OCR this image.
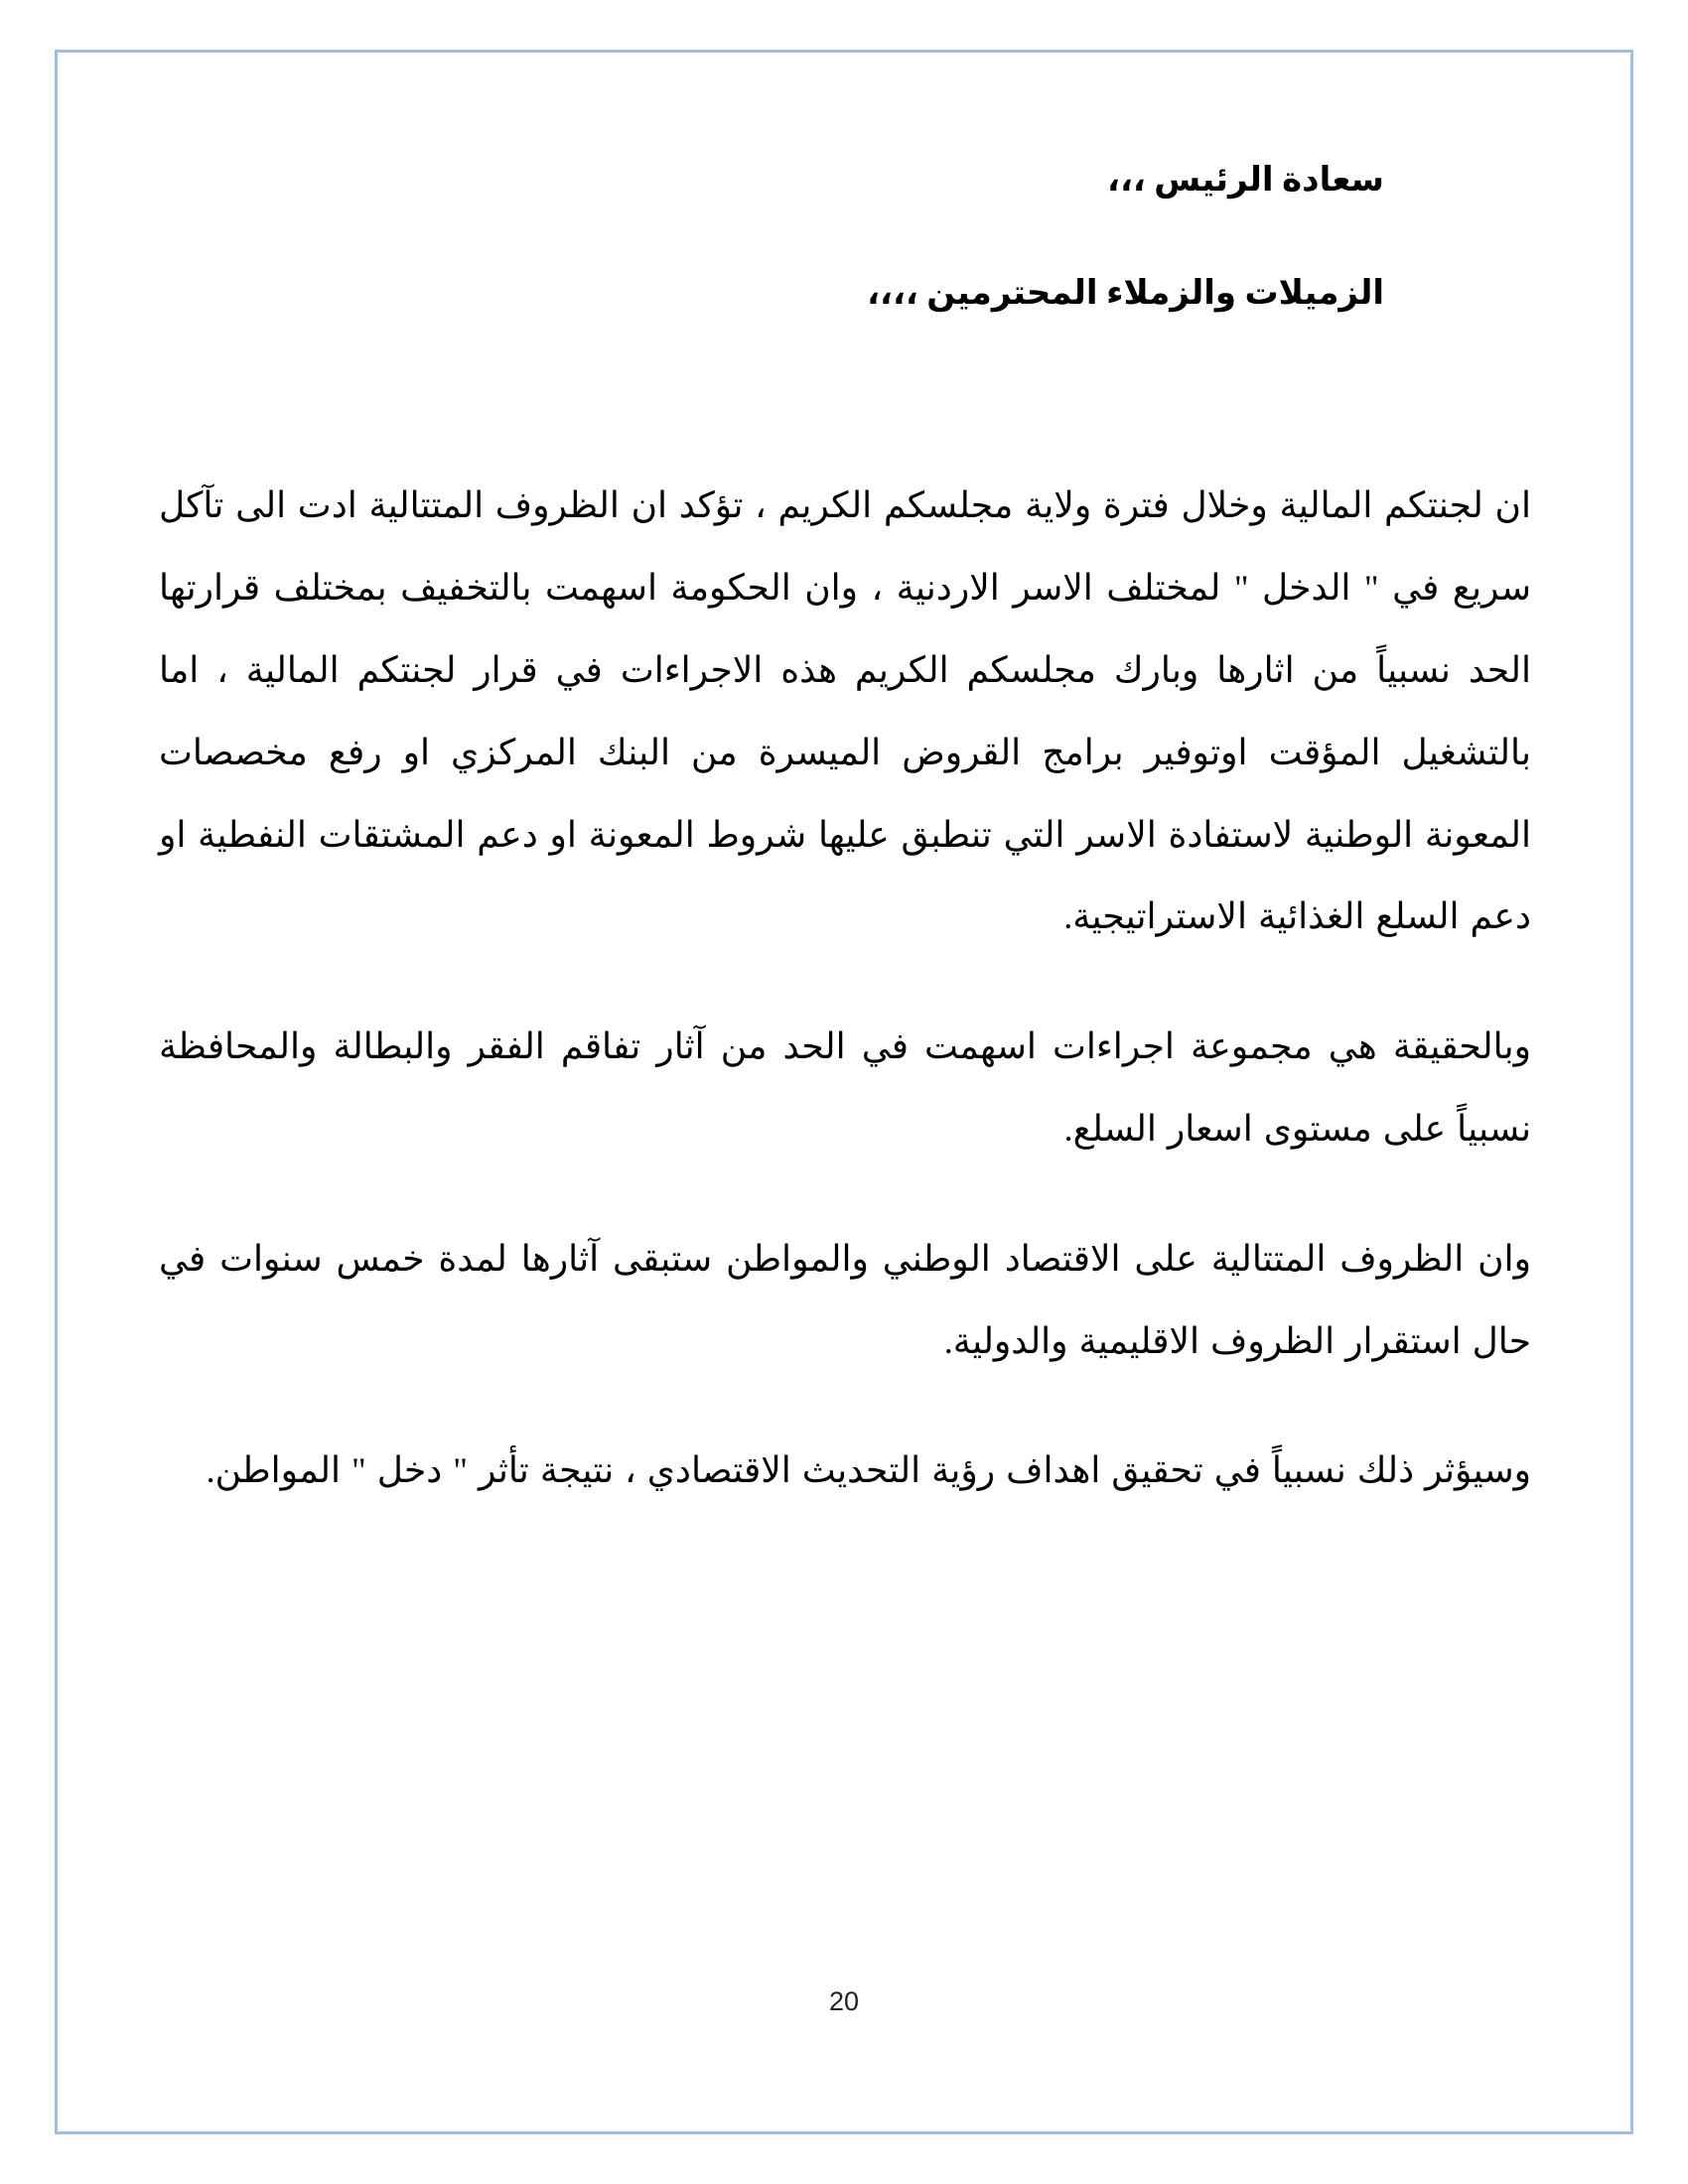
سعادة الرئيس ،،،

الزميلات والزملاء المحترمين ،،،،

ان لجنتكم المالية وخلال فترة ولاية مجلسكم الكريم ، تؤكد ان الظروف المتتالية ادت الى تآكل سريع في " الدخل " لمختلف الاسر الاردنية ، وان الحكومة اسهمت بالتخفيف بمختلف قرارتها الحد نسبياً من اثارها وبارك مجلسكم الكريم هذه الاجراءات في قرار لجنتكم المالية ، اما بالتشغيل المؤقت اوتوفير برامج القروض الميسرة من البنك المركزي او رفع مخصصات المعونة الوطنية لاستفادة الاسر التي تنطبق عليها شروط المعونة او دعم المشتقات النفطية او دعم السلع الغذائية الاستراتيجية.

وبالحقيقة هي مجموعة اجراءات اسهمت في الحد من آثار تفاقم الفقر والبطالة والمحافظة نسبياً على مستوى اسعار السلع.

وان الظروف المتتالية على الاقتصاد الوطني والمواطن ستبقى آثارها لمدة خمس سنوات في حال استقرار الظروف الاقليمية والدولية.

وسيؤثر ذلك نسبياً في تحقيق اهداف رؤية التحديث الاقتصادي ، نتيجة تأثر " دخل " المواطن.

20
